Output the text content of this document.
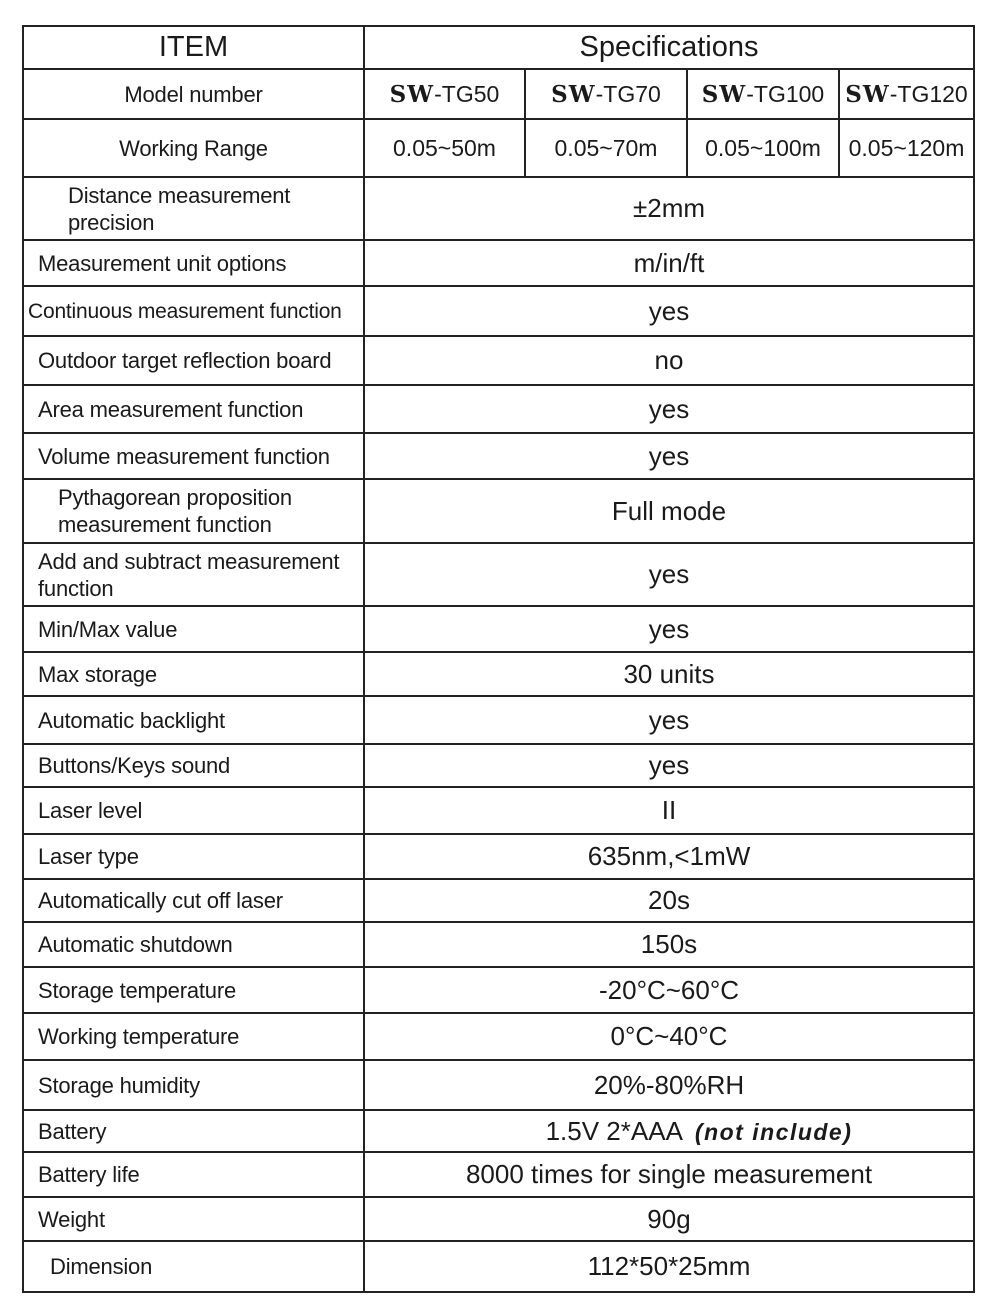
ITEM	Specifications			
Model number	SW-TG50	SW-TG70	SW-TG100	SW-TG120
Working Range	0.05~50m	0.05~70m	0.05~100m	0.05~120m
Distance measurement precision	±2mm			
Measurement unit options	m/in/ft			
Continuous measurement function	yes			
Outdoor target reflection board	no			
Area measurement function	yes			
Volume measurement function	yes			
Pythagorean proposition measurement function	Full mode			
Add and subtract measurement function	yes			
Min/Max value	yes			
Max storage	30 units			
Automatic backlight	yes			
Buttons/Keys sound	yes			
Laser level	II			
Laser type	635nm,<1mW			
Automatically cut off laser	20s			
Automatic shutdown	150s			
Storage temperature	-20°C~60°C			
Working temperature	0°C~40°C			
Storage humidity	20%-80%RH			
Battery	1.5V 2*AAA (not include)			
Battery life	8000 times for single measurement			
Weight	90g			
Dimension	112*50*25mm			
